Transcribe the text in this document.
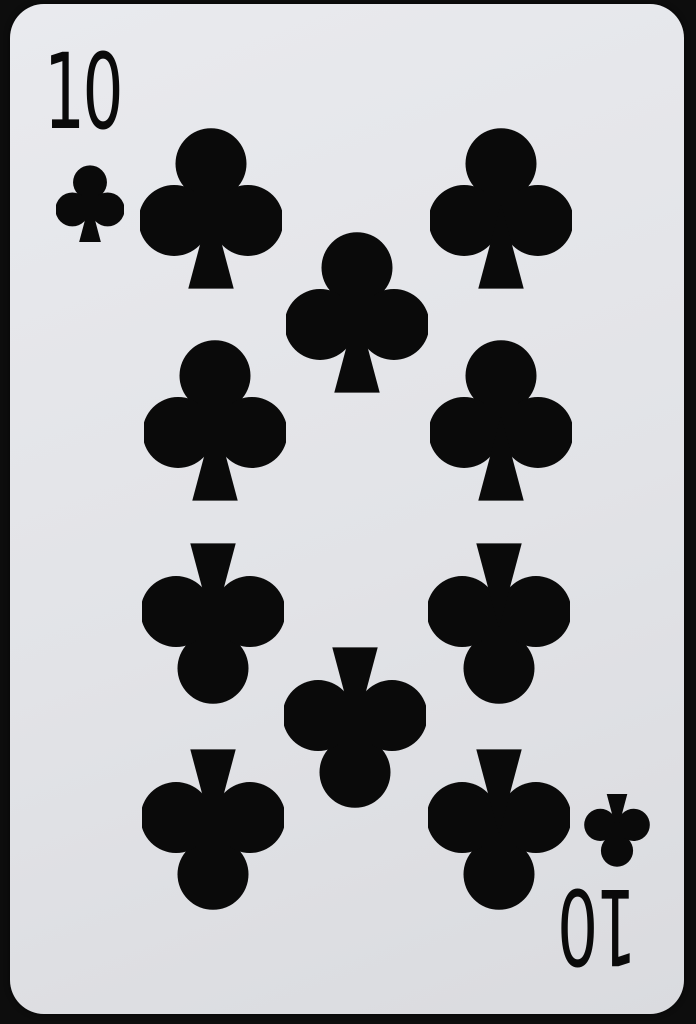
10
10
